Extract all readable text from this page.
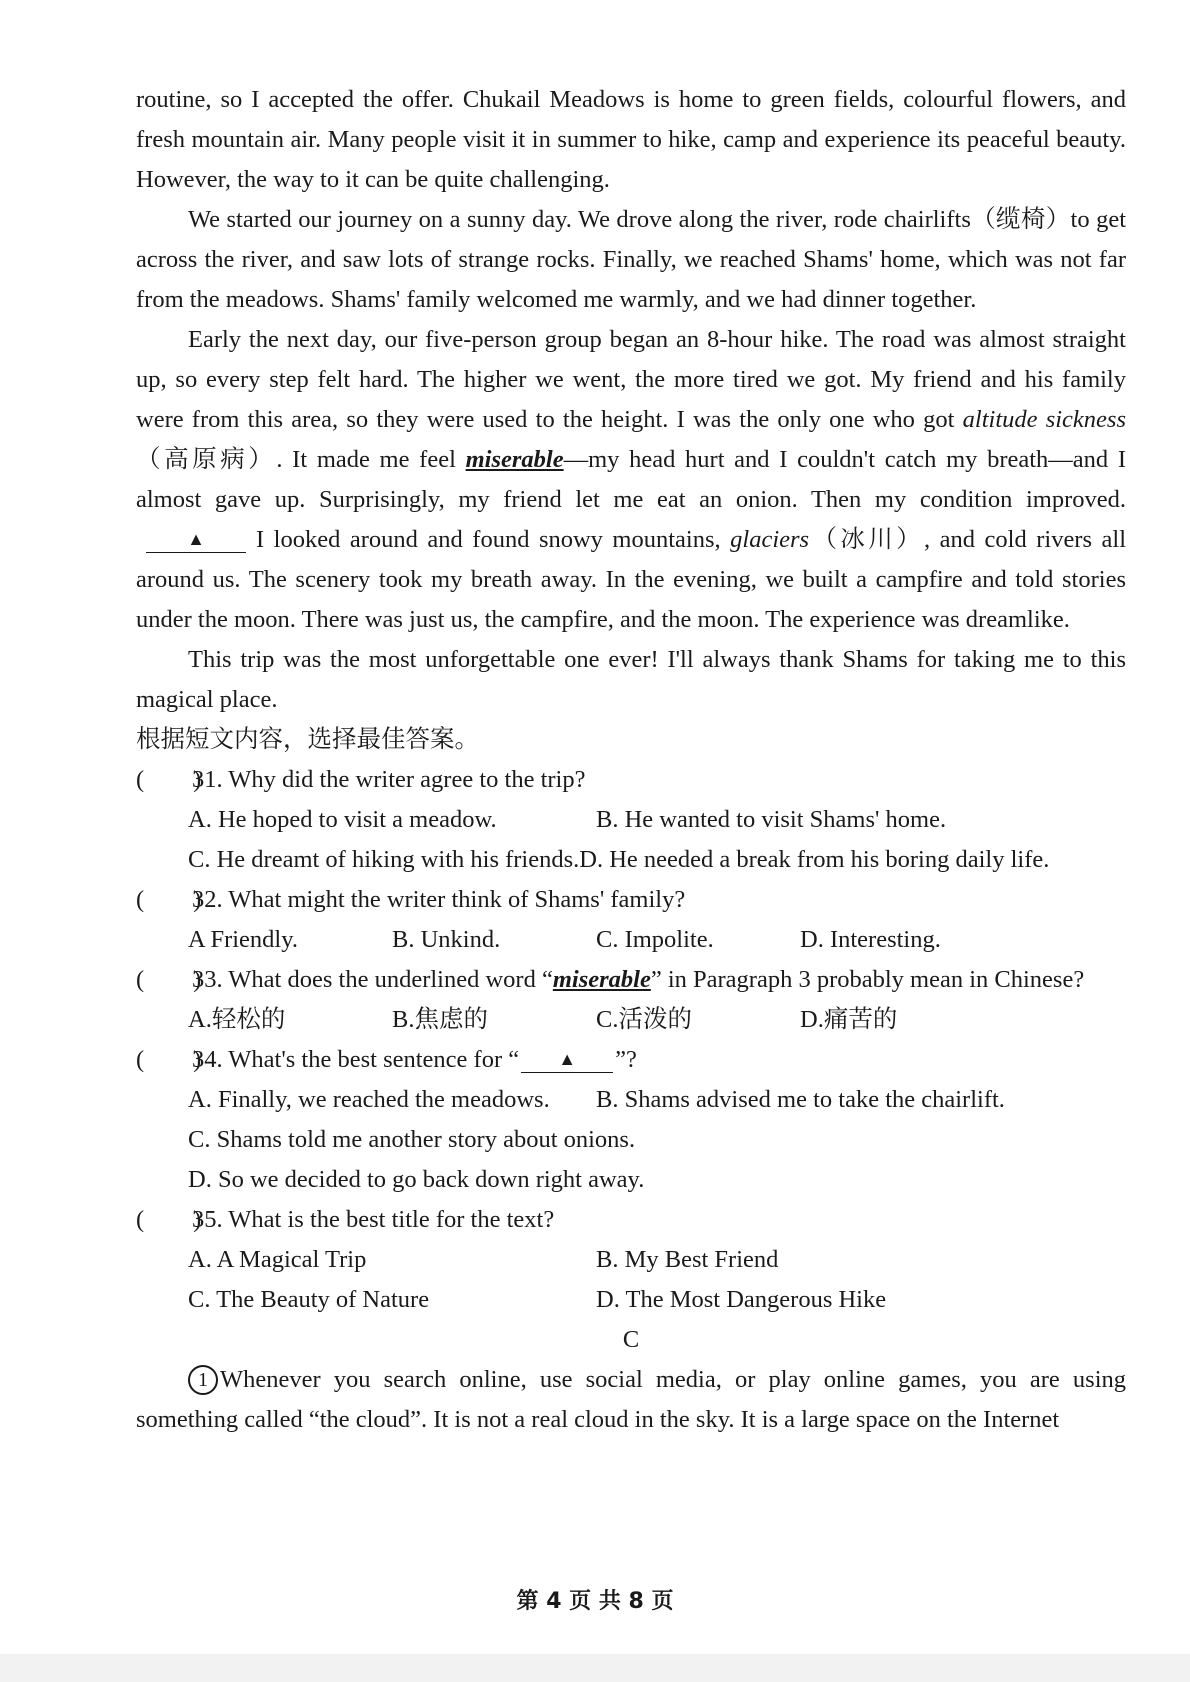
routine, so I accepted the offer. Chukail Meadows is home to green fields, colourful flowers, and fresh mountain air. Many people visit it in summer to hike, camp and experience its peaceful beauty. However, the way to it can be quite challenging.

We started our journey on a sunny day. We drove along the river, rode chairlifts（缆椅）to get across the river, and saw lots of strange rocks. Finally, we reached Shams' home, which was not far from the meadows. Shams' family welcomed me warmly, and we had dinner together.

Early the next day, our five-person group began an 8-hour hike. The road was almost straight up, so every step felt hard. The higher we went, the more tired we got. My friend and his family were from this area, so they were used to the height. I was the only one who got altitude sickness（高原病）. It made me feel miserable—my head hurt and I couldn't catch my breath—and I almost gave up. Surprisingly, my friend let me eat an onion. Then my condition improved.▲ I looked around and found snowy mountains, glaciers（冰川）, and cold rivers all around us. The scenery took my breath away. In the evening, we built a campfire and told stories under the moon. There was just us, the campfire, and the moon. The experience was dreamlike.

This trip was the most unforgettable one ever! I'll always thank Shams for taking me to this magical place.

根据短文内容，选择最佳答案。

(　　)
31. Why did the writer agree to the trip?
A. He hoped to visit a meadow.	B. He wanted to visit Shams' home.
C. He dreamt of hiking with his friends. D. He needed a break from his boring daily life.
(　　)
32. What might the writer think of Shams' family?
A Friendly.	B. Unkind.	C. Impolite.	D. Interesting.
(　　)
33. What does the underlined word “miserable” in Paragraph 3 probably mean in Chinese?
A.轻松的	B.焦虑的	C.活泼的	D.痛苦的
(　　)
34. What's the best sentence for “ ▲ ”?
A. Finally, we reached the meadows.	B. Shams advised me to take the chairlift.
C. Shams told me another story about onions.
D. So we decided to go back down right away.
(　　)
35. What is the best title for the text?
A. A Magical Trip	B. My Best Friend
C. The Beauty of Nature	D. The Most Dangerous Hike

C

1 Whenever you search online, use social media, or play online games, you are using something called “the cloud”. It is not a real cloud in the sky. It is a large space on the Internet

第 4 页 共 8 页
